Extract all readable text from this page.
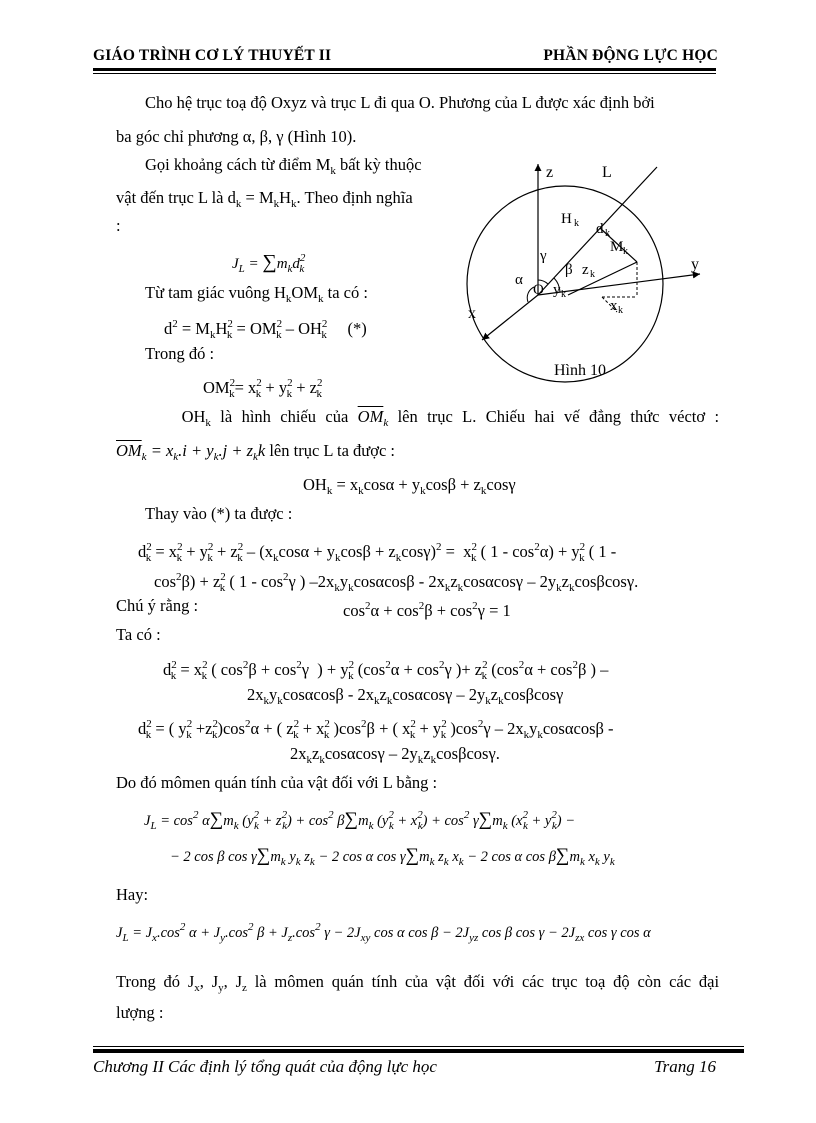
GIÁO TRÌNH CƠ LÝ THUYẾT II	PHẦN ĐỘNG LỰC HỌC
Cho hệ trục toạ độ Oxyz và trục L đi qua O. Phương của L được xác định bởi
ba góc chỉ phương α, β, γ (Hình 10).
Gọi khoảng cách từ điểm $M_k$ bất kỳ thuộc
vật đến trục L là $d_k = M_kH_k$. Theo định nghĩa
:
$J_L = \sum m_kd^2_k$
Từ tam giác vuông $H_kOM_k$ ta có :
$d^2 = M_kH^2_k = OM^2_k - OH^2_k$ (*)
Trong đó :
$OM^2_k= x^2_k + y^2_k + z^2_k$
z	L
y
x
H k d k
M k
γ
β
α
O
z k
y k
x k
Hình 10
$OH_k$ là hình chiếu của $\overline{OM}_k$ lên trục L. Chiếu hai vế đẳng thức véctơ :
$\overline{OM}_k = x_k.i + y_k.j + z_kk$ lên trục L ta được :
$OH_k = x_k\cos\alpha + y_k\cos\beta + z_k\cos\gamma$
Thay vào (*) ta được :
$d^2_k = x^2_k + y^2_k + z^2_k - (x_k\cos\alpha + y_k\cos\beta + z_k\cos\gamma)^2 = x^2_k$ ( $1 - \cos^2\alpha) + y^2_k$ ( 1 -
$\cos^2\beta) + z^2_k$ ( $1 - \cos^2\gamma$ ) $-2x_ky_k\cos\alpha\cos\beta - 2x_kz_k\cos\alpha\cos\gamma - 2y_kz_k\cos\beta\cos\gamma$.
Chú ý rằng :	$\cos^2\alpha + \cos^2\beta + \cos^2\gamma = 1$
Ta có :
$d^2_k = x^2_k$ ( $\cos^2\beta + \cos^2\gamma$  ) + $y^2_k$ ($\cos^2\alpha + \cos^2\gamma$ )+ $z^2_k$ ($\cos^2\alpha + \cos^2\beta$ ) –
$2x_ky_k\cos\alpha\cos\beta - 2x_kz_k\cos\alpha\cos\gamma - 2y_kz_k\cos\beta\cos\gamma$
$d^2_k$ = ( $y^2_k +z^2_k)\cos^2\alpha$ + ( $z^2_k + x^2_k$ )$\cos^2\beta$ + ( $x^2_k + y^2_k$ )$\cos^2\gamma - 2x_ky_k\cos\alpha\cos\beta$ -
$2x_kz_k\cos\alpha\cos\gamma - 2y_kz_k\cos\beta\cos\gamma$.
Do đó mômen quán tính của vật đối với L bằng :
$J_L = \cos^2 \alpha\sum m_k$ $(y^2_k + z^2_k) + \cos^2 \beta\sum m_k$ $(y^2_k + x^2_k) + \cos^2 \gamma\sum m_k$ $(x^2_k + y^2_k)$ −
− 2 cos β $\cos \gamma\sum m_k$ $y_k$ $z_k - 2$ cos α $\cos \gamma\sum m_k$ $z_k$ $x_k - 2$ cos α $\cos \beta\sum m_k$ $x_k$ $y_k$
Hay:
$J_L = J_x.\cos^2$ $\alpha + J_y.\cos^2$ $\beta + J_z.\cos^2$ $\gamma - 2J_{xy}$ cos α $\cos \beta - 2J_{yz}$ cos β $\cos \gamma - 2J_{zx}$ cos γ cos α
Trong đó $J_x$, $J_y$, $J_z$ là mômen quán tính của vật đối với các trục toạ độ còn các đại
lượng :
Chương II Các định lý tổng quát của động lực học	Trang 16
